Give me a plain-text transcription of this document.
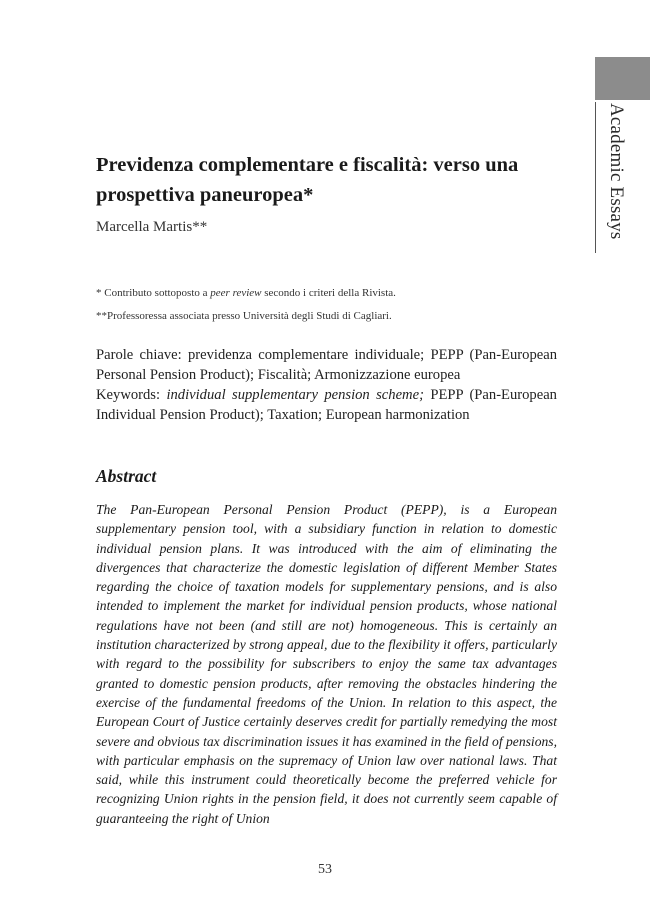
Academic Essays
Previdenza complementare e fiscalità: verso una prospettiva paneuropea*
Marcella Martis**
* Contributo sottoposto a peer review secondo i criteri della Rivista.
**Professoressa associata presso Università degli Studi di Cagliari.

Parole chiave: previdenza complementare individuale; PEPP (Pan-European Personal Pension Product); Fiscalità; Armonizzazione europea

Keywords: individual supplementary pension scheme; PEPP (Pan-European Individual Pension Product); Taxation; European harmonization

Abstract

The Pan-European Personal Pension Product (PEPP), is a European supplementary pension tool, with a subsidiary function in relation to domestic individual pension plans. It was introduced with the aim of eliminating the divergences that characterize the domestic legislation of different Member States regarding the choice of taxation models for supplementary pensions, and is also intended to implement the market for individual pension products, whose national regulations have not been (and still are not) homogeneous. This is certainly an institution characterized by strong appeal, due to the flexibility it offers, particularly with regard to the possibility for subscribers to enjoy the same tax advantages granted to domestic pension products, after removing the obstacles hindering the exercise of the fundamental freedoms of the Union. In relation to this aspect, the European Court of Justice certainly deserves credit for partially remedying the most severe and obvious tax discrimination issues it has examined in the field of pensions, with particular emphasis on the supremacy of Union law over national laws. That said, while this instrument could theoretically become the preferred vehicle for recognizing Union rights in the pension field, it does not currently seem capable of guaranteeing the right of Union

53
